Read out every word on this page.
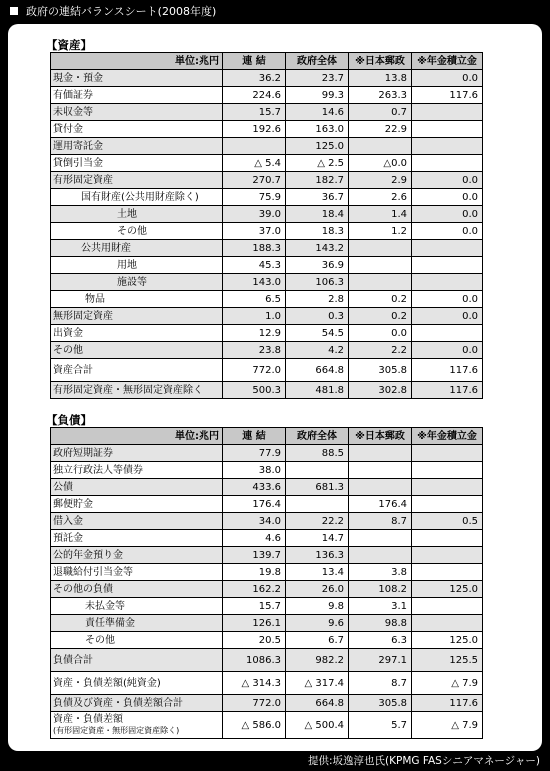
政府の連結バランスシート(2008年度)
【資産】
単位:兆円	連 結	政府全体	※日本郵政	※年金積立金
現金・預金	36.2	23.7	13.8	0.0
有価証券	224.6	99.3	263.3	117.6
未収金等	15.7	14.6	0.7	
貸付金	192.6	163.0	22.9	
運用寄託金		125.0		
貸倒引当金	△ 5.4	△ 2.5	△0.0	
有形固定資産	270.7	182.7	2.9	0.0
国有財産(公共用財産除く)	75.9	36.7	2.6	0.0
土地	39.0	18.4	1.4	0.0
その他	37.0	18.3	1.2	0.0
公共用財産	188.3	143.2		
用地	45.3	36.9		
施設等	143.0	106.3		
物品	6.5	2.8	0.2	0.0
無形固定資産	1.0	0.3	0.2	0.0
出資金	12.9	54.5	0.0	
その他	23.8	4.2	2.2	0.0
資産合計	772.0	664.8	305.8	117.6
有形固定資産・無形固定資産除く	500.3	481.8	302.8	117.6
【負債】
単位:兆円	連 結	政府全体	※日本郵政	※年金積立金
政府短期証券	77.9	88.5		
独立行政法人等債券	38.0			
公債	433.6	681.3		
郵便貯金	176.4		176.4	
借入金	34.0	22.2	8.7	0.5
預託金	4.6	14.7		
公的年金預り金	139.7	136.3		
退職給付引当金等	19.8	13.4	3.8	
その他の負債	162.2	26.0	108.2	125.0
未払金等	15.7	9.8	3.1	
責任準備金	126.1	9.6	98.8	
その他	20.5	6.7	6.3	125.0
負債合計	1086.3	982.2	297.1	125.5
資産・負債差額(純資金)	△ 314.3	△ 317.4	8.7	△ 7.9
負債及び資産・負債差額合計	772.0	664.8	305.8	117.6

資産・負債差額
(有形固定資産・無形固定資産除く)	△ 586.0	△ 500.4	5.7	△ 7.9
提供:坂逸淳也氏(KPMG FASシニアマネージャー)
